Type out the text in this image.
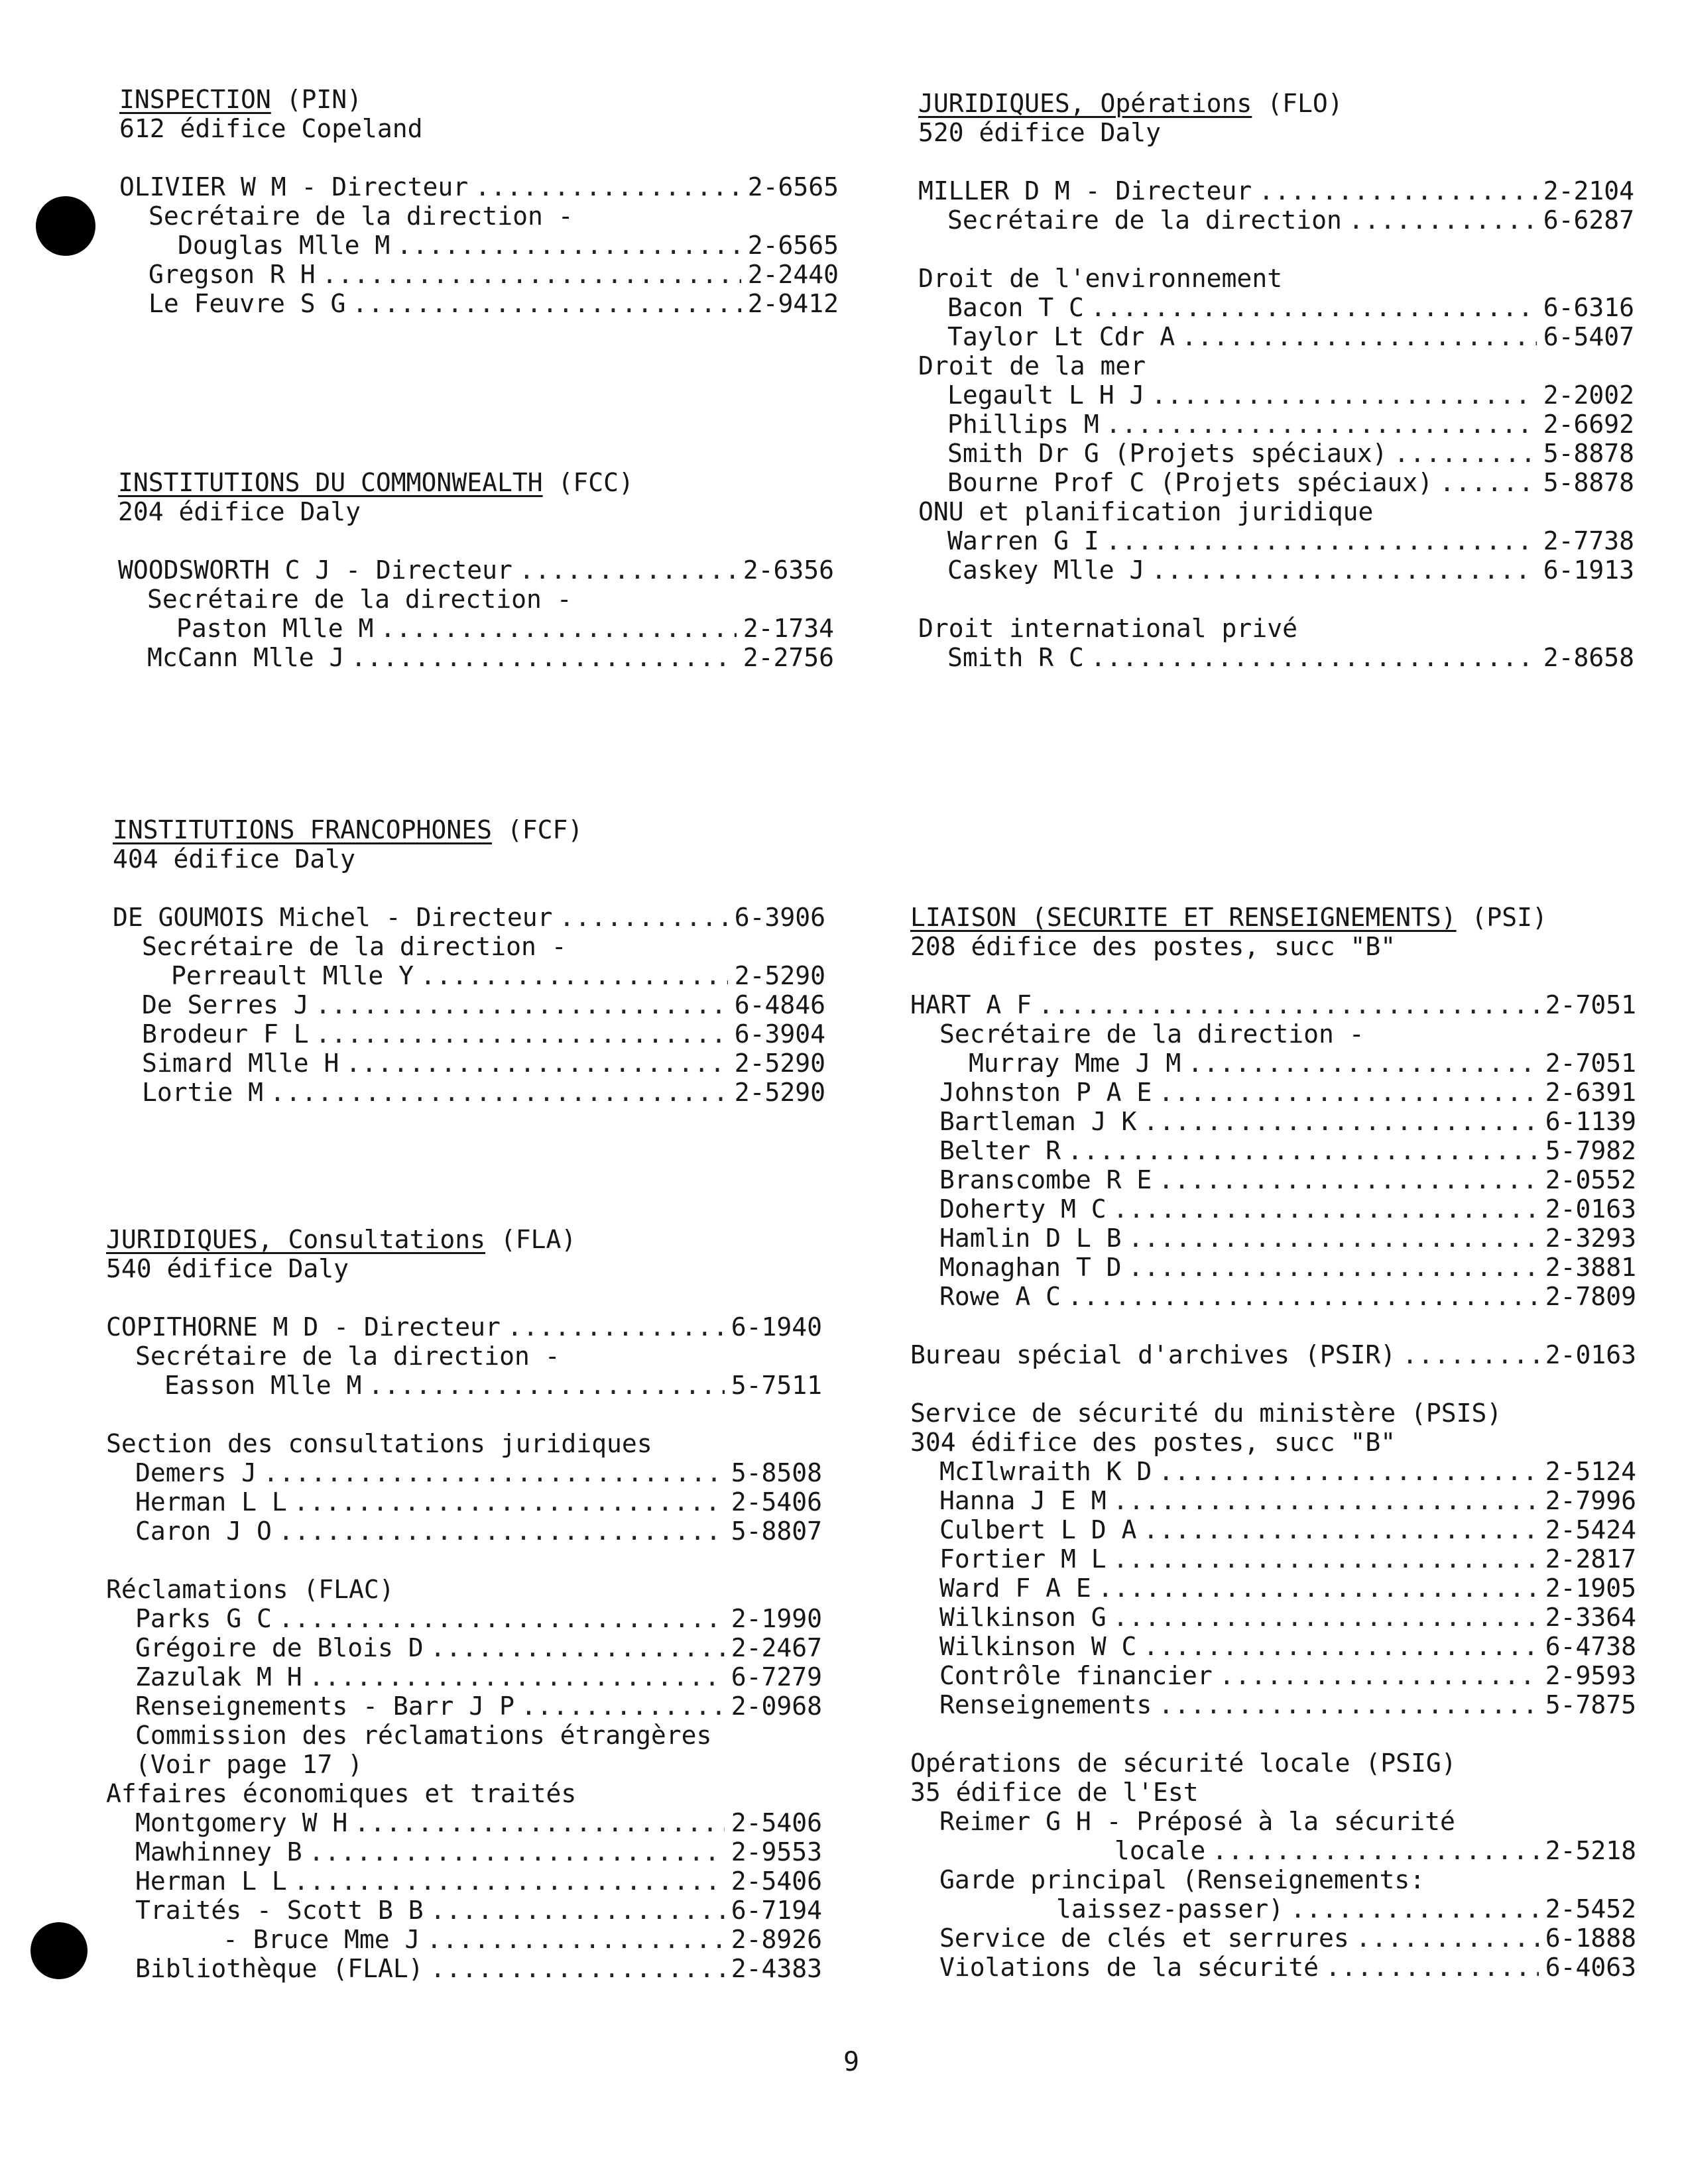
9
INSPECTION (PIN)
612 édifice Copeland
OLIVIER W M - Directeur .....	2-6565
Secrétaire de la direction -
Douglas Mlle M .....	2-6565
Gregson R H .....	2-2440
Le Feuvre S G .....	2-9412
INSTITUTIONS DU COMMONWEALTH (FCC)
204 édifice Daly
WOODSWORTH C J - Directeur .....	2-6356
Secrétaire de la direction -
Paston Mlle M .....	2-1734
McCann Mlle J .....	2-2756
INSTITUTIONS FRANCOPHONES (FCF)
404 édifice Daly
DE GOUMOIS Michel - Directeur .....	6-3906
Secrétaire de la direction -
Perreault Mlle Y .....	2-5290
De Serres J .....	6-4846
Brodeur F L .....	6-3904
Simard Mlle H .....	2-5290
Lortie M .....	2-5290
JURIDIQUES, Consultations (FLA)
540 édifice Daly
COPITHORNE M D - Directeur .....	6-1940
Secrétaire de la direction -
Easson Mlle M .....	5-7511
Section des consultations juridiques
Demers J .....	5-8508
Herman L L .....	2-5406
Caron J O .....	5-8807
Réclamations (FLAC)
Parks G C .....	2-1990
Grégoire de Blois D .....	2-2467
Zazulak M H .....	6-7279
Renseignements - Barr J P .....	2-0968
Commission des réclamations étrangères
(Voir page 17 )
Affaires économiques et traités
Montgomery W H .....	2-5406
Mawhinney B .....	2-9553
Herman L L .....	2-5406
Traités - Scott B B .....	6-7194
- Bruce Mme J .....	2-8926
Bibliothèque (FLAL) .....	2-4383
JURIDIQUES, Opérations (FLO)
520 édifice Daly
MILLER D M - Directeur .....	2-2104
Secrétaire de la direction .....	6-6287
Droit de l'environnement
Bacon T C .....	6-6316
Taylor Lt Cdr A .....	6-5407
Droit de la mer
Legault L H J .....	2-2002
Phillips M .....	2-6692
Smith Dr G (Projets spéciaux) .....	5-8878
Bourne Prof C (Projets spéciaux) .....	5-8878
ONU et planification juridique
Warren G I .....	2-7738
Caskey Mlle J .....	6-1913
Droit international privé
Smith R C .....	2-8658
LIAISON (SECURITE ET RENSEIGNEMENTS) (PSI)
208 édifice des postes, succ "B"
HART A F .....	2-7051
Secrétaire de la direction -
Murray Mme J M .....	2-7051
Johnston P A E .....	2-6391
Bartleman J K .....	6-1139
Belter R .....	5-7982
Branscombe R E .....	2-0552
Doherty M C .....	2-0163
Hamlin D L B .....	2-3293
Monaghan T D .....	2-3881
Rowe A C .....	2-7809
Bureau spécial d'archives (PSIR) .....	2-0163
Service de sécurité du ministère (PSIS)
304 édifice des postes, succ "B"
McIlwraith K D .....	2-5124
Hanna J E M .....	2-7996
Culbert L D A .....	2-5424
Fortier M L .....	2-2817
Ward F A E .....	2-1905
Wilkinson G .....	2-3364
Wilkinson W C .....	6-4738
Contrôle financier .....	2-9593
Renseignements .....	5-7875
Opérations de sécurité locale (PSIG)
35 édifice de l'Est
Reimer G H - Préposé à la sécurité
locale .....	2-5218
Garde principal (Renseignements:
laissez-passer) .....	2-5452
Service de clés et serrures .....	6-1888
Violations de la sécurité .....	6-4063
